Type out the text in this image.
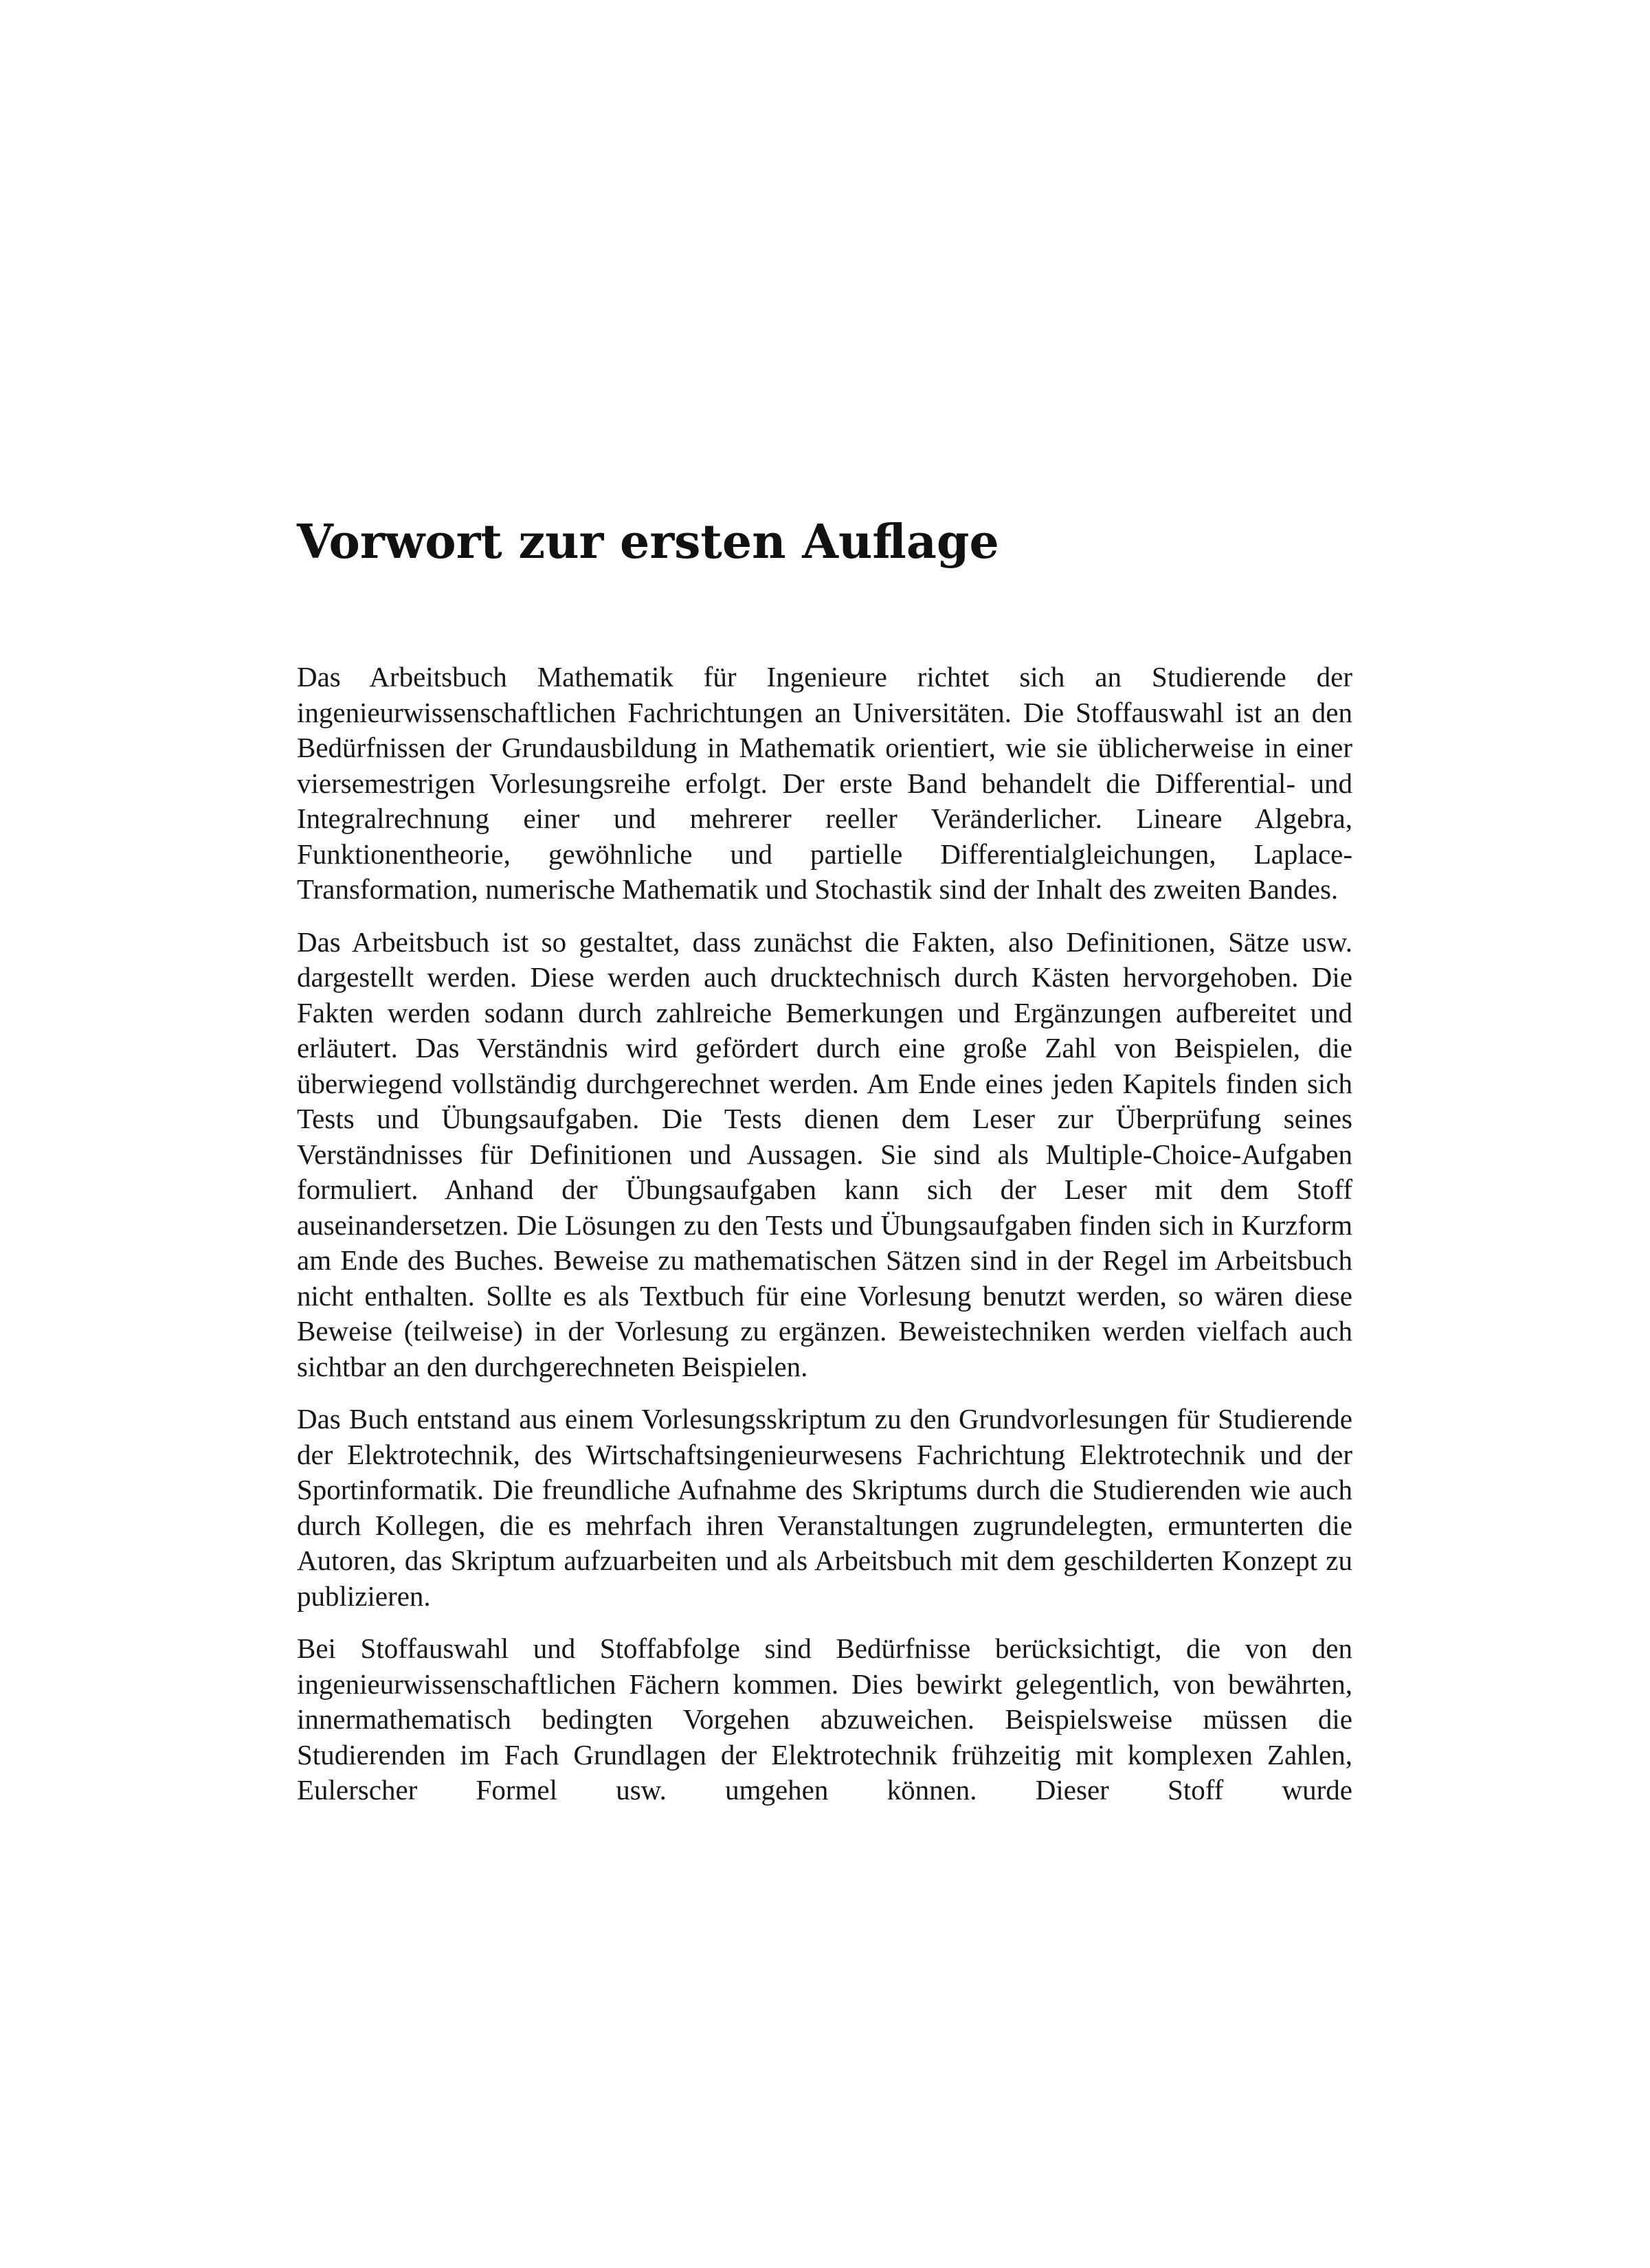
Vorwort zur ersten Auflage

Das Arbeitsbuch Mathematik für Ingenieure richtet sich an Studierende der ingenieurwissenschaftlichen Fachrichtungen an Universitäten. Die Stoffauswahl ist an den Bedürfnissen der Grundausbildung in Mathematik orientiert, wie sie üblicherweise in einer viersemestrigen Vorlesungsreihe erfolgt. Der erste Band behandelt die Differential- und Integralrechnung einer und mehrerer reeller Veränderlicher. Lineare Algebra, Funktionentheorie, gewöhnliche und partielle Differentialgleichungen, Laplace-Transformation, numerische Mathematik und Stochastik sind der Inhalt des zweiten Bandes.

Das Arbeitsbuch ist so gestaltet, dass zunächst die Fakten, also Definitionen, Sätze usw. dargestellt werden. Diese werden auch drucktechnisch durch Kästen hervorgehoben. Die Fakten werden sodann durch zahlreiche Bemerkungen und Ergänzungen aufbereitet und erläutert. Das Verständnis wird gefördert durch eine große Zahl von Beispielen, die überwiegend vollständig durchgerechnet werden. Am Ende eines jeden Kapitels finden sich Tests und Übungsaufgaben. Die Tests dienen dem Leser zur Überprüfung seines Verständnisses für Definitionen und Aussagen. Sie sind als Multiple-Choice-Aufgaben formuliert. Anhand der Übungsaufgaben kann sich der Leser mit dem Stoff auseinandersetzen. Die Lösungen zu den Tests und Übungsaufgaben finden sich in Kurzform am Ende des Buches. Beweise zu mathematischen Sätzen sind in der Regel im Arbeitsbuch nicht enthalten. Sollte es als Textbuch für eine Vorlesung benutzt werden, so wären diese Beweise (teilweise) in der Vorlesung zu ergänzen. Beweistechniken werden vielfach auch sichtbar an den durchgerechneten Beispielen.

Das Buch entstand aus einem Vorlesungsskriptum zu den Grundvorlesungen für Studierende der Elektrotechnik, des Wirtschaftsingenieurwesens Fachrichtung Elektrotechnik und der Sportinformatik. Die freundliche Aufnahme des Skriptums durch die Studierenden wie auch durch Kollegen, die es mehrfach ihren Veranstaltungen zugrundelegten, ermunterten die Autoren, das Skriptum aufzuarbeiten und als Arbeitsbuch mit dem geschilderten Konzept zu publizieren.

Bei Stoffauswahl und Stoffabfolge sind Bedürfnisse berücksichtigt, die von den ingenieurwissenschaftlichen Fächern kommen. Dies bewirkt gelegentlich, von bewährten, innermathematisch bedingten Vorgehen abzuweichen. Beispielsweise müssen die Studierenden im Fach Grundlagen der Elektrotechnik frühzeitig mit komplexen Zahlen, Eulerscher Formel usw. umgehen können. Dieser Stoff wurde
